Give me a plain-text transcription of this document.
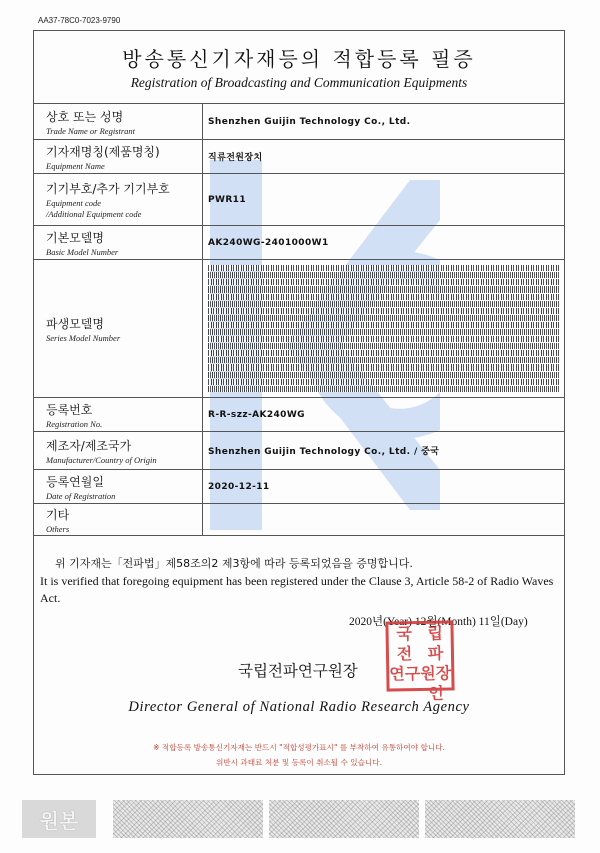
AA37-78C0-7023-9790
방송통신기자재등의 적합등록 필증
Registration of Broadcasting and Communication Equipments
상호 또는 성명
Trade Name or Registrant	Shenzhen Guijin Technology Co., Ltd.

기자재명칭(제품명칭)
Equipment Name	직류전원장치

기기부호/추가 기기부호
Equipment code
/Additional Equipment code	PWR11

기본모델명
Basic Model Number	AK240WG-2401000W1

파생모델명
Series Model Number	

등록번호
Registration No.	R-R-szz-AK240WG

제조자/제조국가
Manufacturer/Country of Origin	Shenzhen Guijin Technology Co., Ltd. / 중국

등록연월일
Date of Registration	2020-12-11

기타
Others	

위 기자재는「전파법」제58조의2 제3항에 따라 등록되었음을 증명합니다.
It is verified that foregoing equipment has been registered under the Clause 3, Article 58-2 of Radio Waves Act.
2020년(Year) 12월(Month) 11일(Day)
국립전파연구원장
국 립
전 파
연구 원장인
Director General of National Radio Research Agency
※ 적합등록 방송통신기자재는 반드시 "적합성평가표시" 를 부착하여 유통하여야 합니다.
위반시 과태료 처분 및 등록이 취소될 수 있습니다.
원본
